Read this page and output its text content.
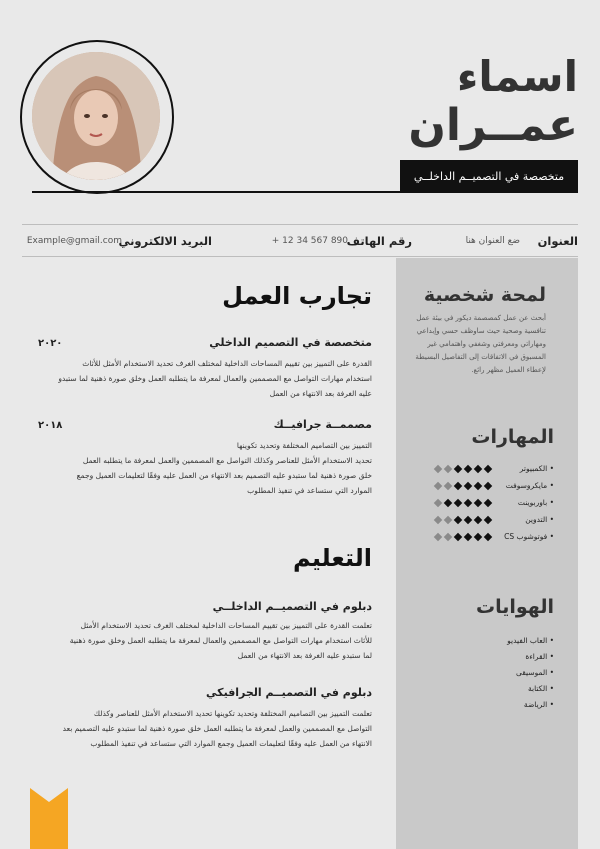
اسماء
عمــران
متخصصة في التصميــم الداخلــي
العنوان
ضع العنوان هنا
رقم الهاتف
+ 12 34 567 890
البريد الالكتروني
Example@gmail.com
لمحة شخصية
أبحث عن عمل كمصصمة ديكور في بيئة عمل تنافسية وصحية حيث ساوظف حسي وإبداعي ومهاراتي ومعرفتي وشغفي واهتمامي غير المسبوق في الاتفاقات إلى التفاصيل البسيطة لإعطاء العميل مظهر رائع.
المهارات
• الكمبيوتر
• مايكروسوفت
• باوربوينت
• التدوين
• فوتوشوب CS
الهوايات
• العاب الفيديو
• القراءة
• الموسيقى
• الكتابة
• الرياضة
تجارب العمل
متخصصة في التصميم الداخلي
٢٠٢٠
القدرة على التمييز بين تقييم المساحات الداخلية لمختلف الغرف تحديد الاستخدام الأمثل للأثاث
استخدام مهارات التواصل مع المصممين والعمال لمعرفة ما يتطلبه العمل وخلق صورة ذهنية لما ستبدو
عليه الغرفة بعد الانتهاء من العمل
مصممــة جرافيــك
٢٠١٨
التمييز بين التصاميم المختلفة وتحديد تكوينها
تحديد الاستخدام الأمثل للعناصر وكذلك التواصل مع المصممين والعمل لمعرفة ما يتطلبه العمل
خلق صورة ذهنية لما ستبدو عليه التصميم بعد الانتهاء من العمل عليه وفقًا لتعليمات العميل وجمع
الموارد التي ستساعد في تنفيذ المطلوب
التعليم
دبلوم في التصميــم الداخلــي
تعلمت القدرة على التمييز بين تقييم المساحات الداخلية لمختلف الغرف تحديد الاستخدام الأمثل
للأثاث استخدام مهارات التواصل مع المصممين والعمال لمعرفة ما يتطلبه العمل وخلق صورة ذهنية
لما ستبدو عليه الغرفة بعد الانتهاء من العمل
دبلوم في التصميــم الجرافيكي
تعلمت التمييز بين التصاميم المختلفة وتحديد تكوينها تحديد الاستخدام الأمثل للعناصر وكذلك
التواصل مع المصممين والعمل لمعرفة ما يتطلبه العمل خلق صورة ذهنية لما ستبدو عليه التصميم بعد
الانتهاء من العمل عليه وفقًا لتعليمات العميل وجمع الموارد التي ستساعد في تنفيذ المطلوب
